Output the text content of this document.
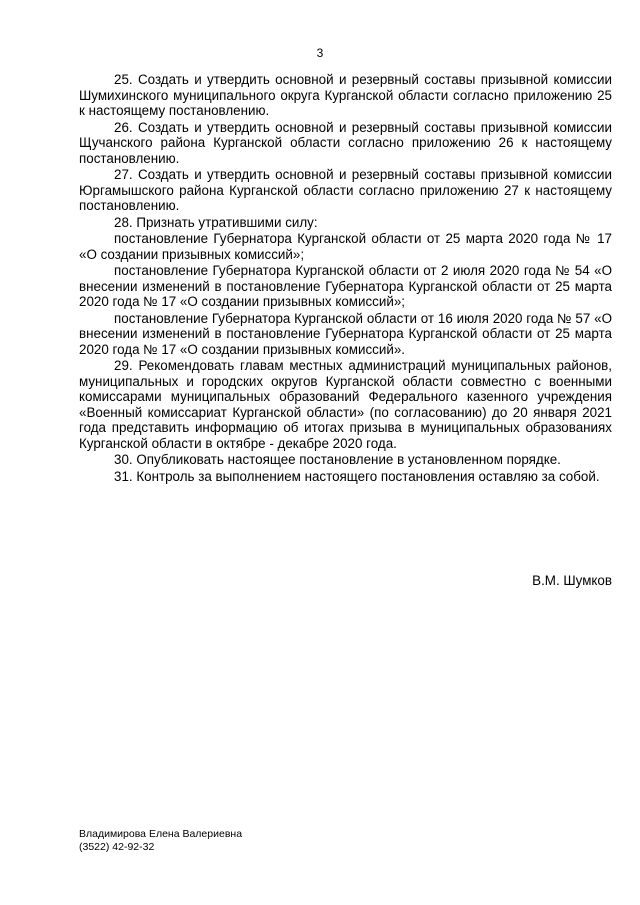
3

25. Создать и утвердить основной и резервный составы призывной комиссии Шумихинского муниципального округа Курганской области согласно приложению 25 к настоящему постановлению.

26. Создать и утвердить основной и резервный составы призывной комиссии Щучанского района Курганской области согласно приложению 26 к настоящему постановлению.

27. Создать и утвердить основной и резервный составы призывной комиссии Юргамышского района Курганской области согласно приложению 27 к настоящему постановлению.

28. Признать утратившими силу:

постановление Губернатора Курганской области от 25 марта 2020 года № 17 «О создании призывных комиссий»;

постановление Губернатора Курганской области от 2 июля 2020 года № 54 «О внесении изменений в постановление Губернатора Курганской области от 25 марта 2020 года № 17 «О создании призывных комиссий»;

постановление Губернатора Курганской области от 16 июля 2020 года № 57 «О внесении изменений в постановление Губернатора Курганской области от 25 марта 2020 года № 17 «О создании призывных комиссий».

29. Рекомендовать главам местных администраций муниципальных районов, муниципальных и городских округов Курганской области совместно с военными комиссарами муниципальных образований Федерального казенного учреждения «Военный комиссариат Курганской области» (по согласованию) до 20 января 2021 года представить информацию об итогах призыва в муниципальных образованиях Курганской области в октябре - декабре 2020 года.

30. Опубликовать настоящее постановление в установленном порядке.

31. Контроль за выполнением настоящего постановления оставляю за собой.

В.М. Шумков
Владимирова Елена Валериевна
(3522) 42-92-32
